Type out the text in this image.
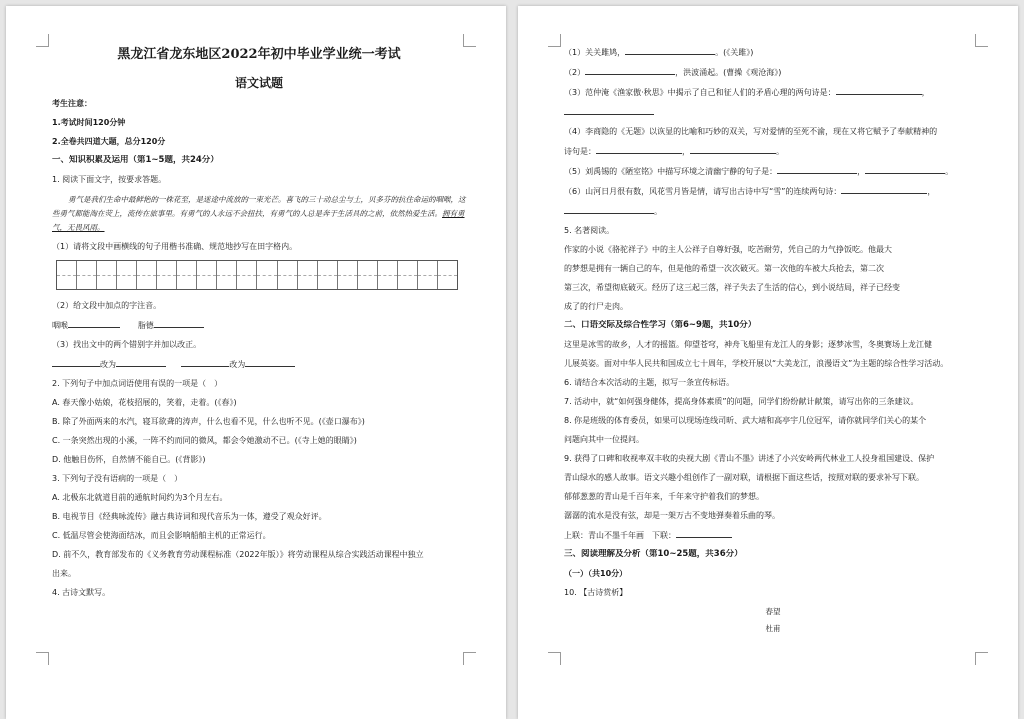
黑龙江省龙东地区2022年初中毕业学业统一考试

语文试题

考生注意：

1.考试时间120分钟

2.全卷共四道大题，总分120分

一、知识积累及运用（第1~5题，共24分）

1. 阅读下面文字，按要求答题。

勇气是我们生命中最鲜艳的一株花至，是迷途中流放的一束光芒。喜飞的三十动总尘与土，贝多芬的抗住命运的咽喉，这些勇气都能淘在荧上，流传在旅事里。有勇气的人永远不会扭扶，有勇气的人总是奔于生活具的之前，依然热爱生活。拥有勇气，无畏风雨。

（1）请将文段中画横线的句子用楷书准确、规范地抄写在田字格内。

（2）给文段中加点的字注音。

咽喉	脂德

（3）找出文中的两个错别字并加以改正。

改为	改为

2. 下列句子中加点词语使用有误的一项是（　）

A. 春天像小姑娘，花枝招展的，笑着，走着。(《春》)

B. 除了外面两来的水汽，寝耳欲聋的涛声，什么也看不见，什么也听不见。(《壶口瀑布》)

C. 一条突然出现的小溪，一阵不约而同的微风，都会令她激动不已。(《寺上她的眼睛》)

D. 他触目伤怀，自然情不能自已。(《背影》)

3. 下列句子没有语病的一项是（　）

A. 北极东北就道目前的通航时间约为3个月左右。

B. 电视节目《经典咏流传》融古典诗词和现代音乐为一体，遵受了观众好评。

C. 低温尽管会使海面结冰，而且会影响船舶主机的正常运行。

D. 前不久，教育部发布的《义务教育劳动课程标准（2022年版）》将劳动课程从综合实践活动课程中独立

出来。

4. 古诗文默写。

（1）关关雎鸠，	。(《关雎》)

（2）	，洪波涌起。(曹操《观沧海》)

（3）范仲淹《渔家傲·秋思》中揭示了自己和征人们的矛盾心理的两句诗是：	，

（4）李商隐的《无题》以诙显的比喻和巧妙的双关，写对爱情的至死不渝，现在又将它赋予了奉献精神的

诗句是：	，	。

（5）刘禹锡的《陋室铭》中描写环境之清幽宁静的句子是：	，	。

（6）山河日月很有数，风花雪月皆是情，请写出古诗中写“雪”的连续两句诗：	，

。

5. 名著阅读。

作家的小说《骆驼祥子》中的主人公祥子自尊好强，吃苦耐劳，凭自己的力气挣饭吃。他最大

的梦想是拥有一辆自己的车，但是他的希望一次次破灭。第一次他的车被大兵抢去，第二次

第三次，希望彻底破灭。经历了这三起三落，祥子失去了生活的信心，到小说结局，祥子已经变

成了的行尸走肉。

二、口语交际及综合性学习（第6~9题，共10分）

这里是冰雪的故乡，人才的摇篮。仰望苍穹，神舟飞船里有龙江人的身影；逐梦冰雪，冬奥赛场上龙江健

儿展英姿。面对中华人民共和国成立七十周年，学校开展以“大美龙江，浪漫语文”为主题的综合性学习活动。

6. 请结合本次活动的主题，拟写一条宣传标语。

7. 活动中，就“如何强身健体，提高身体素质”的问题，同学们纷纷献计献策，请写出你的三条建议。

8. 你是班级的体育委员，如果可以现场连线司昕、武大靖和高亭宇几位冠军，请你就同学们关心的某个

问题向其中一位提问。

9. 获得了口碑和收视率双丰收的央视大剧《青山不墨》讲述了小兴安岭两代林业工人投身祖国建设、保护

青山绿水的感人故事。语文兴趣小组创作了一副对联，请根据下面这些话，按照对联的要求补写下联。

郁郁葱葱的青山是千百年来，千年来守护着我们的梦想。

潺潺的流水是没有弦，却是一架万古不变地弹奏着乐曲的琴。

上联：青山不墨千年画　下联：

三、阅读理解及分析（第10~25题，共36分）

（一）（共10分）

10. 【古诗赏析】

春望

杜甫
